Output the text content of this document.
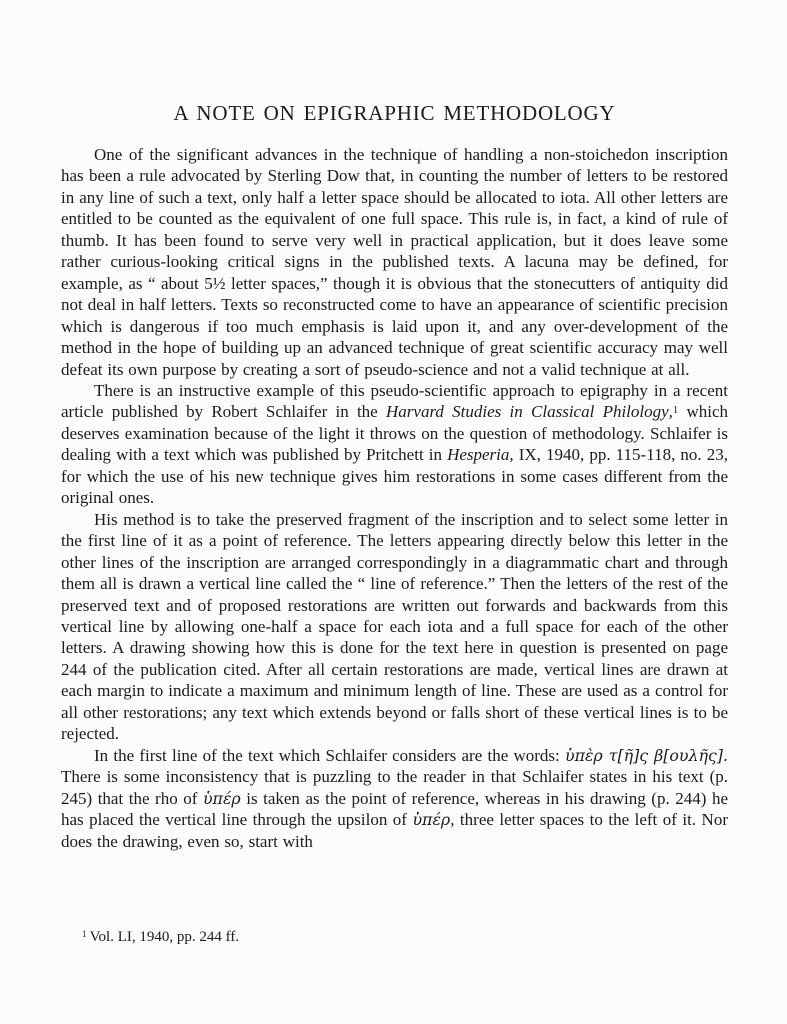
A NOTE ON EPIGRAPHIC METHODOLOGY

One of the significant advances in the technique of handling a non-stoichedon inscription has been a rule advocated by Sterling Dow that, in counting the number of letters to be restored in any line of such a text, only half a letter space should be allocated to iota. All other letters are entitled to be counted as the equivalent of one full space. This rule is, in fact, a kind of rule of thumb. It has been found to serve very well in practical application, but it does leave some rather curious-looking critical signs in the published texts. A lacuna may be defined, for example, as “ about 5½ letter spaces,” though it is obvious that the stonecutters of antiquity did not deal in half letters. Texts so reconstructed come to have an appearance of scientific precision which is dangerous if too much emphasis is laid upon it, and any over-development of the method in the hope of building up an advanced technique of great scientific accuracy may well defeat its own purpose by creating a sort of pseudo-science and not a valid technique at all.

There is an instructive example of this pseudo-scientific approach to epigraphy in a recent article published by Robert Schlaifer in the Harvard Studies in Classical Philology,1 which deserves examination because of the light it throws on the question of methodology. Schlaifer is dealing with a text which was published by Pritchett in Hesperia, IX, 1940, pp. 115-118, no. 23, for which the use of his new technique gives him restorations in some cases different from the original ones.

His method is to take the preserved fragment of the inscription and to select some letter in the first line of it as a point of reference. The letters appearing directly below this letter in the other lines of the inscription are arranged correspondingly in a diagrammatic chart and through them all is drawn a vertical line called the “ line of reference.” Then the letters of the rest of the preserved text and of proposed restorations are written out forwards and backwards from this vertical line by allowing one-half a space for each iota and a full space for each of the other letters. A drawing showing how this is done for the text here in question is presented on page 244 of the publication cited. After all certain restorations are made, vertical lines are drawn at each margin to indicate a maximum and minimum length of line. These are used as a control for all other restorations; any text which extends beyond or falls short of these vertical lines is to be rejected.

In the first line of the text which Schlaifer considers are the words: ὑπὲρ τ[ῆ]ς β[ουλῆς]. There is some inconsistency that is puzzling to the reader in that Schlaifer states in his text (p. 245) that the rho of ὑπέρ is taken as the point of reference, whereas in his drawing (p. 244) he has placed the vertical line through the upsilon of ὑπέρ, three letter spaces to the left of it. Nor does the drawing, even so, start with

1 Vol. LI, 1940, pp. 244 ff.
